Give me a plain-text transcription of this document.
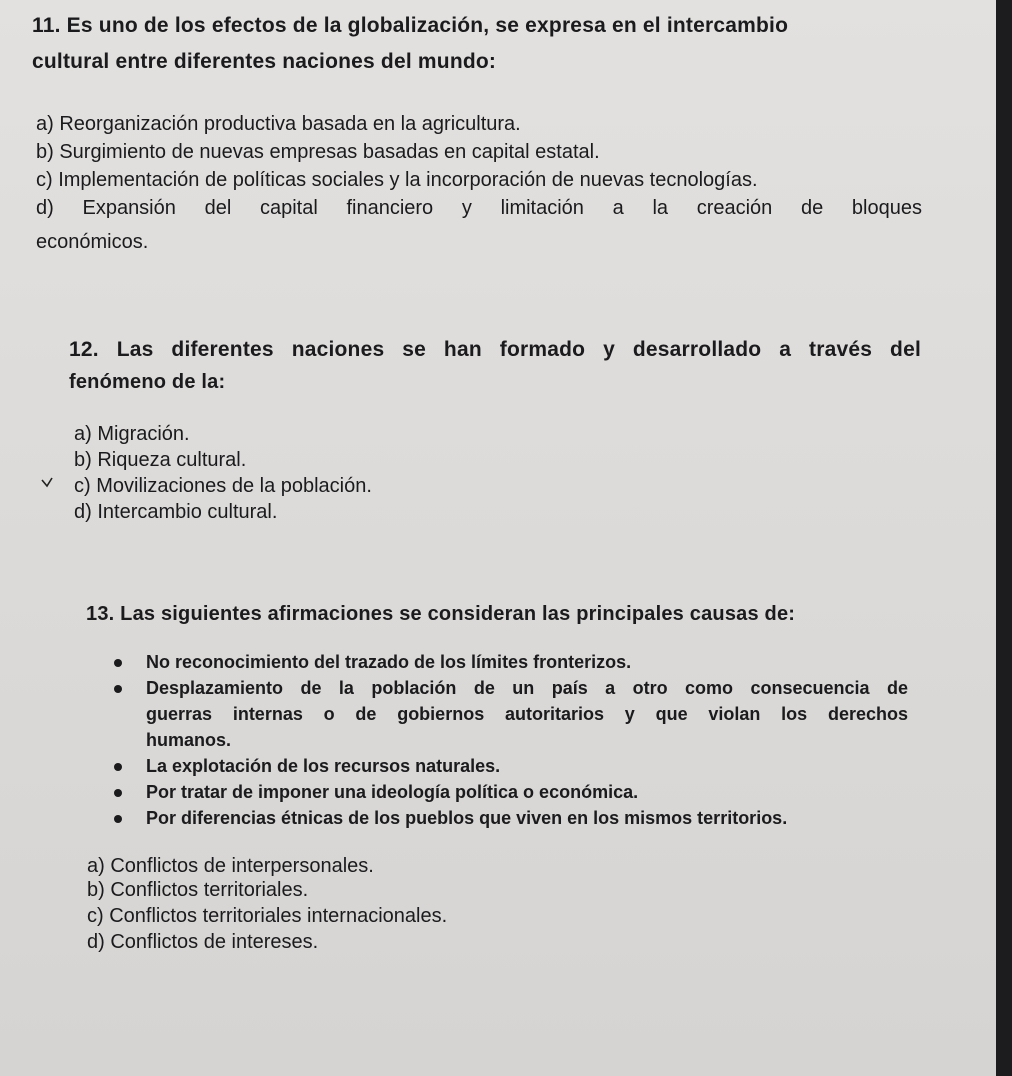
11. Es uno de los efectos de la globalización, se expresa en el intercambio

cultural entre diferentes naciones del mundo:

a) Reorganización productiva basada en la agricultura.

b) Surgimiento de nuevas empresas basadas en capital estatal.

c) Implementación de políticas sociales y la incorporación de nuevas tecnologías.

d) Expansión del capital financiero y limitación a la creación de bloques

económicos.

12. Las diferentes naciones se han formado y desarrollado a través del

fenómeno de la:

a) Migración.

b) Riqueza cultural.

c) Movilizaciones de la población.

d) Intercambio cultural.

13. Las siguientes afirmaciones se consideran las principales causas de:

No reconocimiento del trazado de los límites fronterizos.
Desplazamiento de la población de un país a otro como consecuencia de
guerras internas o de gobiernos autoritarios y que violan los derechos
humanos.
La explotación de los recursos naturales.
Por tratar de imponer una ideología política o económica.
Por diferencias étnicas de los pueblos que viven en los mismos territorios.

a) Conflictos de interpersonales.

b) Conflictos territoriales.

c) Conflictos territoriales internacionales.

d) Conflictos de intereses.
